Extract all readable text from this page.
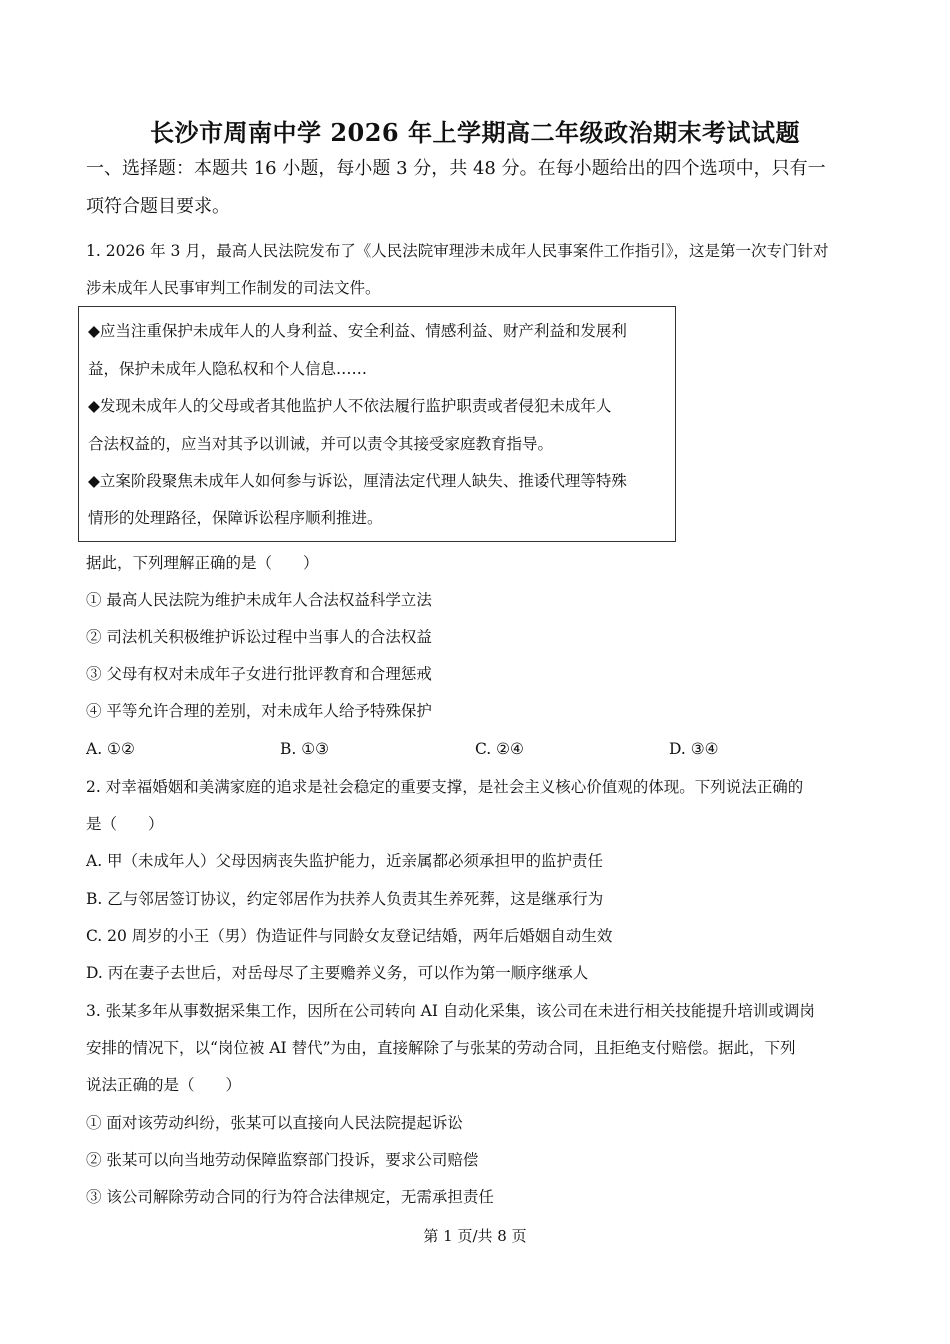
长沙市周南中学 2026 年上学期高二年级政治期末考试试题
一、选择题：本题共 16 小题，每小题 3 分，共 48 分。在每小题给出的四个选项中，只有一
项符合题目要求。
1. 2026 年 3 月，最高人民法院发布了《人民法院审理涉未成年人民事案件工作指引》，这是第一次专门针对
涉未成年人民事审判工作制发的司法文件。
◆应当注重保护未成年人的人身利益、安全利益、情感利益、财产利益和发展利
益，保护未成年人隐私权和个人信息……
◆发现未成年人的父母或者其他监护人不依法履行监护职责或者侵犯未成年人
合法权益的，应当对其予以训诫，并可以责令其接受家庭教育指导。
◆立案阶段聚焦未成年人如何参与诉讼，厘清法定代理人缺失、推诿代理等特殊
情形的处理路径，保障诉讼程序顺利推进。
据此，下列理解正确的是（　　）
① 最高人民法院为维护未成年人合法权益科学立法
② 司法机关积极维护诉讼过程中当事人的合法权益
③ 父母有权对未成年子女进行批评教育和合理惩戒
④ 平等允许合理的差别，对未成年人给予特殊保护
A. ①②	B. ①③	C. ②④	D. ③④
2. 对幸福婚姻和美满家庭的追求是社会稳定的重要支撑，是社会主义核心价值观的体现。下列说法正确的
是（　　）
A. 甲（未成年人）父母因病丧失监护能力，近亲属都必须承担甲的监护责任
B. 乙与邻居签订协议，约定邻居作为扶养人负责其生养死葬，这是继承行为
C. 20 周岁的小王（男）伪造证件与同龄女友登记结婚，两年后婚姻自动生效
D. 丙在妻子去世后，对岳母尽了主要赡养义务，可以作为第一顺序继承人
3. 张某多年从事数据采集工作，因所在公司转向 AI 自动化采集，该公司在未进行相关技能提升培训或调岗
安排的情况下，以“岗位被 AI 替代”为由，直接解除了与张某的劳动合同，且拒绝支付赔偿。据此，下列
说法正确的是（　　）
① 面对该劳动纠纷，张某可以直接向人民法院提起诉讼
② 张某可以向当地劳动保障监察部门投诉，要求公司赔偿
③ 该公司解除劳动合同的行为符合法律规定，无需承担责任
第 1 页/共 8 页
